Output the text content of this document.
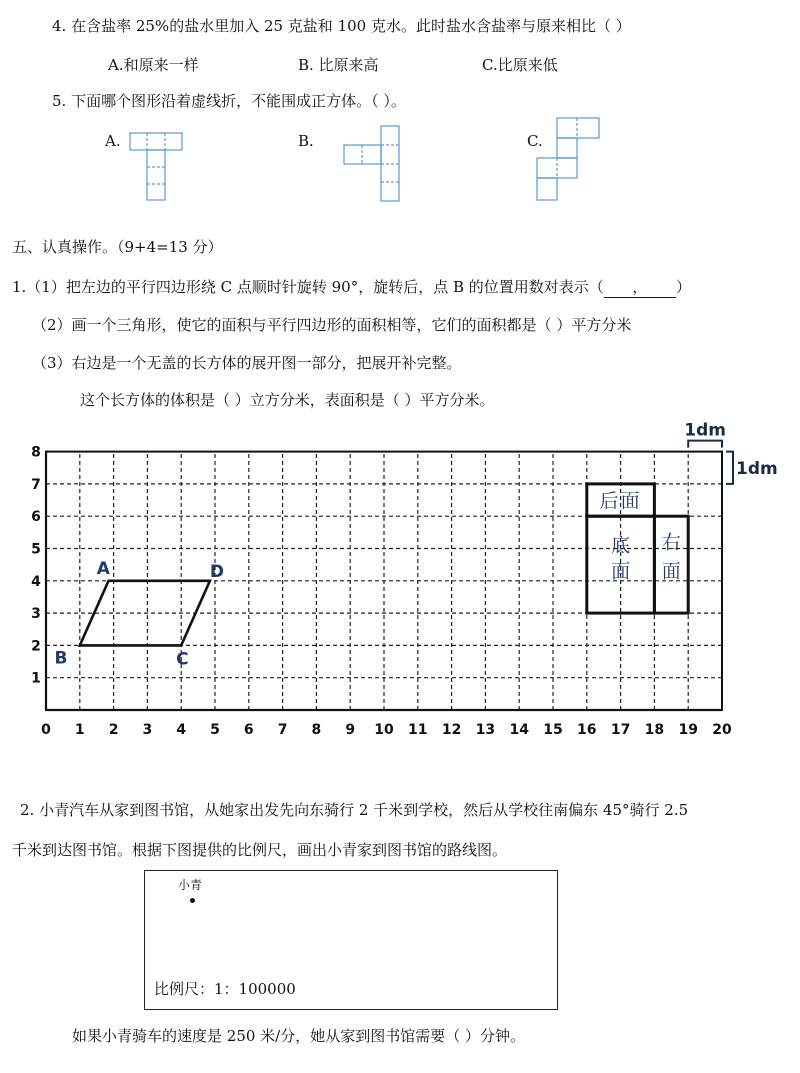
4. 在含盐率 25%的盐水里加入 25 克盐和 100 克水。此时盐水含盐率与原来相比（ ）
A.和原来一样	B. 比原来高	C.比原来低
5. 下面哪个图形沿着虚线折，不能围成正方体。（ ）。
A.	B.	C.
五、认真操作。（9+4=13 分）
1.（1）把左边的平行四边形绕 C 点顺时针旋转 90°，旋转后，点 B 的位置用数对表示（      ，      ）
（2）画一个三角形，使它的面积与平行四边形的面积相等，它们的面积都是（ ）平方分米
（3）右边是一个无盖的长方体的展开图一部分，把展开补完整。
这个长方体的体积是（ ）立方分米，表面积是（ ）平方分米。
0 1 2 3 4 5 6 7 8 9 10 11 12 13 14 15 16 17 18 19 20
1
2
3
4
5
6
7
8
A
B	C
D
后面
底
面
右
面
1dm
1dm
2. 小青汽车从家到图书馆，从她家出发先向东骑行 2 千米到学校，然后从学校往南偏东 45°骑行 2.5
千米到达图书馆。根据下图提供的比例尺，画出小青家到图书馆的路线图。
小青
比例尺：1：100000
如果小青骑车的速度是 250 米/分，她从家到图书馆需要（ ）分钟。
